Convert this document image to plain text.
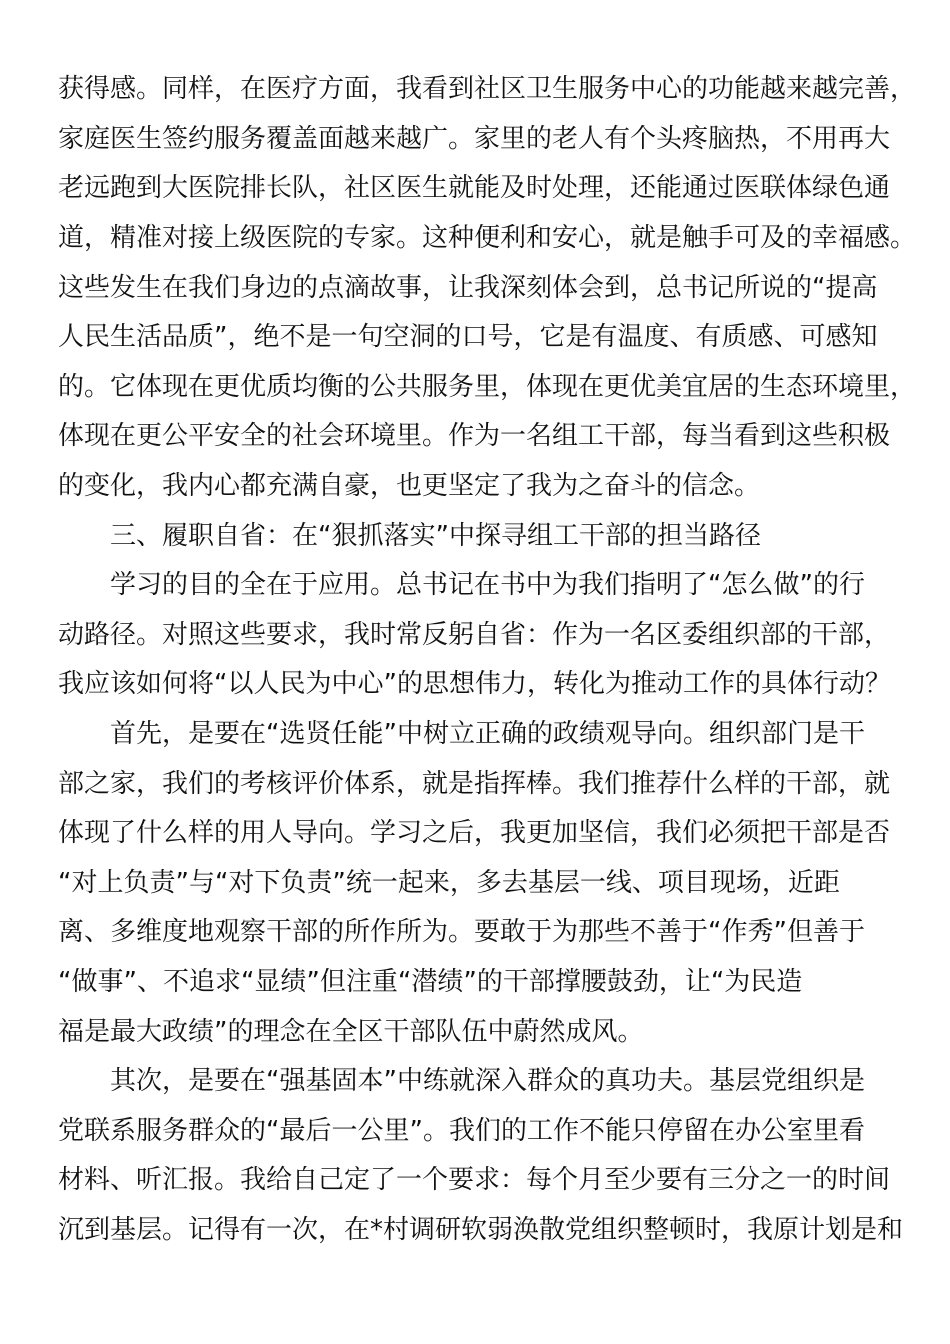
获得感。同样，在医疗方面，我看到社区卫生服务中心的功能越来越完善，
家庭医生签约服务覆盖面越来越广。家里的老人有个头疼脑热，不用再大
老远跑到大医院排长队，社区医生就能及时处理，还能通过医联体绿色通
道，精准对接上级医院的专家。这种便利和安心，就是触手可及的幸福感。
这些发生在我们身边的点滴故事，让我深刻体会到，总书记所说的“提高
人民生活品质”，绝不是一句空洞的口号，它是有温度、有质感、可感知
的。它体现在更优质均衡的公共服务里，体现在更优美宜居的生态环境里，
体现在更公平安全的社会环境里。作为一名组工干部，每当看到这些积极
的变化，我内心都充满自豪，也更坚定了我为之奋斗的信念。
三、履职自省：在“狠抓落实”中探寻组工干部的担当路径
学习的目的全在于应用。总书记在书中为我们指明了“怎么做”的行
动路径。对照这些要求，我时常反躬自省：作为一名区委组织部的干部，
我应该如何将“以人民为中心”的思想伟力，转化为推动工作的具体行动？
首先，是要在“选贤任能”中树立正确的政绩观导向。组织部门是干
部之家，我们的考核评价体系，就是指挥棒。我们推荐什么样的干部，就
体现了什么样的用人导向。学习之后，我更加坚信，我们必须把干部是否
“对上负责”与“对下负责”统一起来，多去基层一线、项目现场，近距
离、多维度地观察干部的所作所为。要敢于为那些不善于“作秀”但善于
“做事”、不追求“显绩”但注重“潜绩”的干部撑腰鼓劲，让“为民造
福是最大政绩”的理念在全区干部队伍中蔚然成风。
其次，是要在“强基固本”中练就深入群众的真功夫。基层党组织是
党联系服务群众的“最后一公里”。我们的工作不能只停留在办公室里看
材料、听汇报。我给自己定了一个要求：每个月至少要有三分之一的时间
沉到基层。记得有一次，在*村调研软弱涣散党组织整顿时，我原计划是和
